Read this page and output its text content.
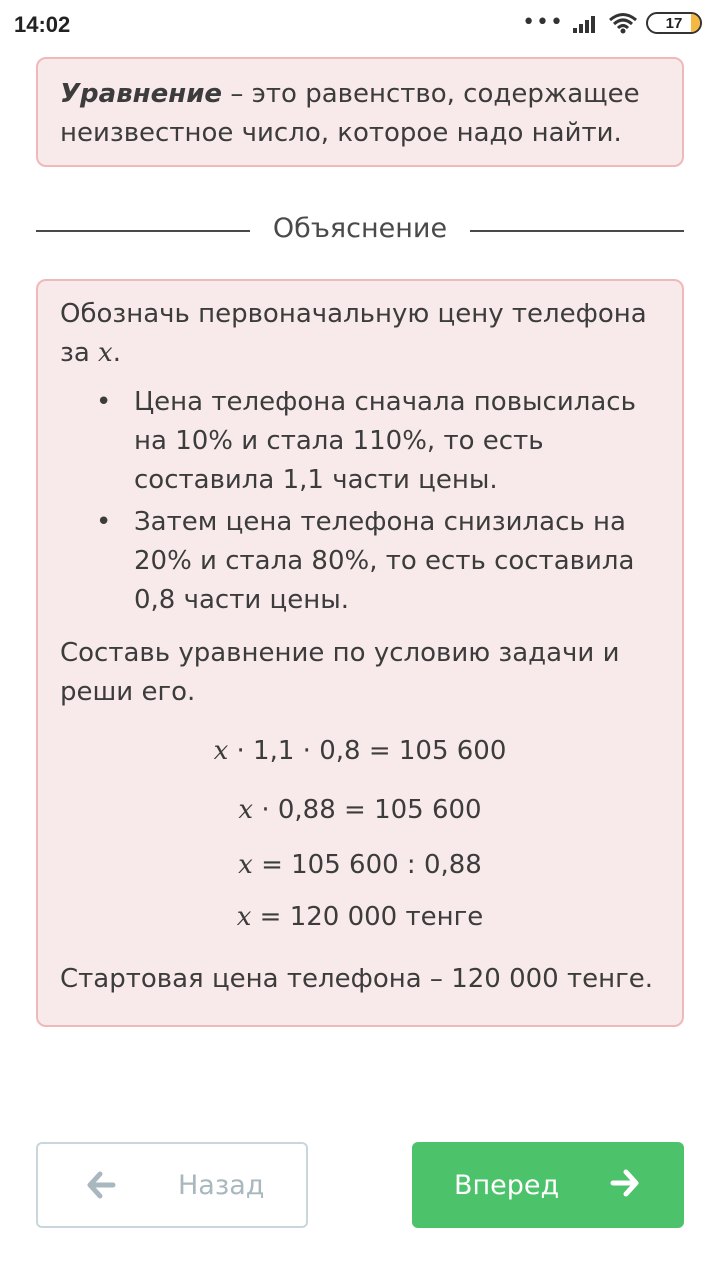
14:02	•••	17

Уравнение – это равенство, содержащее неизвестное число, которое надо найти.

Объяснение

Обозначь первоначальную цену телефона за x.

• Цена телефона сначала повысилась на 10% и стала 110%, то есть составила 1,1 части цены.
• Затем цена телефона снизилась на 20% и стала 80%, то есть составила 0,8 части цены.

Составь уравнение по условию задачи и реши его.

x · 1,1 · 0,8 = 105 600
x · 0,88 = 105 600
x = 105 600 : 0,88
x = 120 000 тенге

Стартовая цена телефона – 120 000 тенге.

Назад	Вперед
